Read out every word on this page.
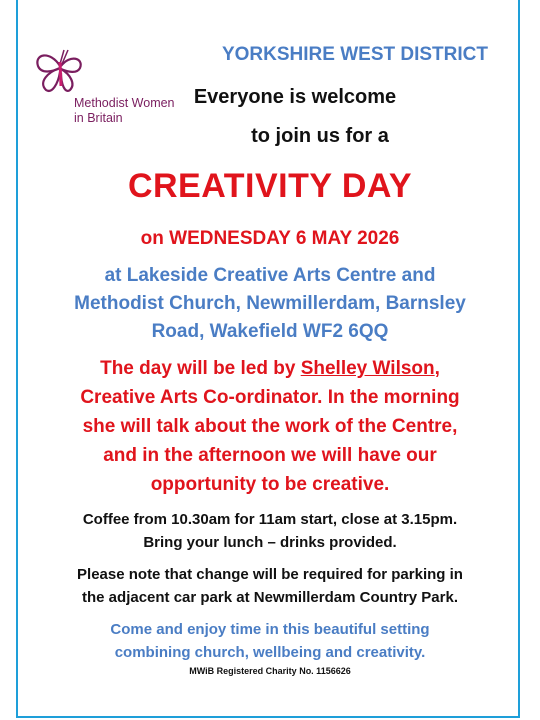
Methodist Women
in Britain
YORKSHIRE WEST DISTRICT
Everyone is welcome
to join us for a
CREATIVITY DAY
on WEDNESDAY 6 MAY 2026
at Lakeside Creative Arts Centre and
Methodist Church, Newmillerdam, Barnsley
Road, Wakefield WF2 6QQ
The day will be led by Shelley Wilson,
Creative Arts Co-ordinator. In the morning
she will talk about the work of the Centre,
and in the afternoon we will have our
opportunity to be creative.
Coffee from 10.30am for 11am start, close at 3.15pm.
Bring your lunch – drinks provided.
Please note that change will be required for parking in
the adjacent car park at Newmillerdam Country Park.
Come and enjoy time in this beautiful setting
combining church, wellbeing and creativity.
MWiB Registered Charity No. 1156626
